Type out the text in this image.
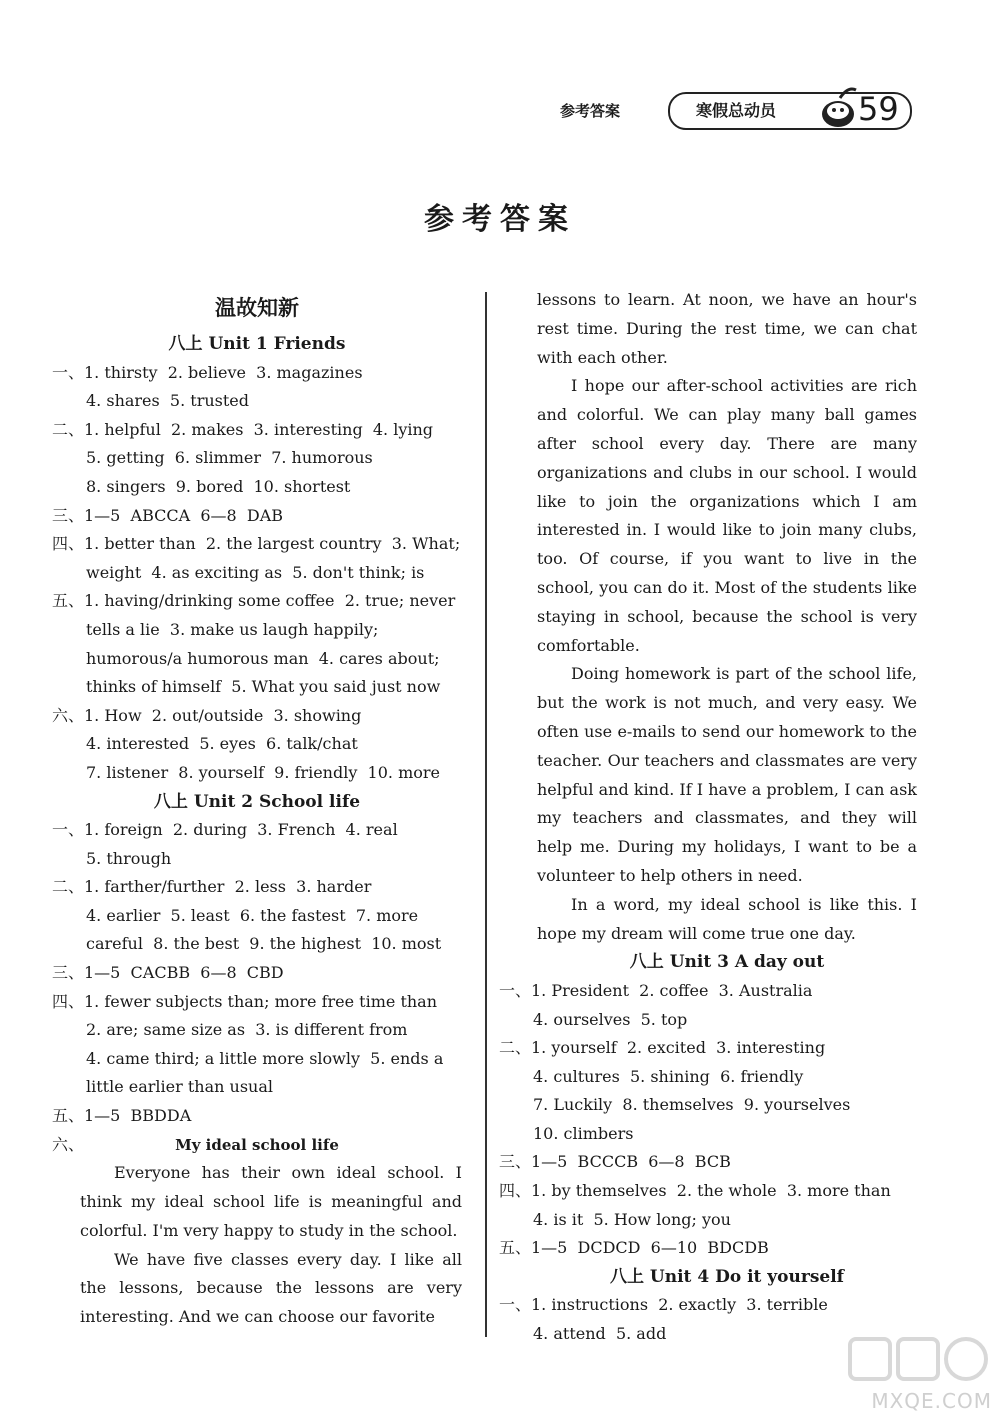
参考答案	寒假总动员	59
参考答案
温故知新
八上 Unit 1 Friends
一、1. thirsty  2. believe  3. magazines
4. shares  5. trusted
二、1. helpful  2. makes  3. interesting  4. lying
5. getting  6. slimmer  7. humorous
8. singers  9. bored  10. shortest
三、1—5  ABCCA  6—8  DAB
四、1. better than  2. the largest country  3. What;
weight  4. as exciting as  5. don't think; is
五、1. having/drinking some coffee  2. true; never
tells a lie  3. make us laugh happily;
humorous/a humorous man  4. cares about;
thinks of himself  5. What you said just now
六、1. How  2. out/outside  3. showing
4. interested  5. eyes  6. talk/chat
7. listener  8. yourself  9. friendly  10. more
八上 Unit 2 School life
一、1. foreign  2. during  3. French  4. real
5. through
二、1. farther/further  2. less  3. harder
4. earlier  5. least  6. the fastest  7. more
careful  8. the best  9. the highest  10. most
三、1—5  CACBB  6—8  CBD
四、1. fewer subjects than; more free time than
2. are; same size as  3. is different from
4. came third; a little more slowly  5. ends a
little earlier than usual
五、1—5  BBDDA
六、	My ideal school life
Everyone has their own ideal school. I think my ideal school life is meaningful and colorful. I'm very happy to study in the school.
We have five classes every day. I like all the lessons, because the lessons are very interesting. And we can choose our favorite
lessons to learn. At noon, we have an hour's rest time. During the rest time, we can chat with each other.
I hope our after-school activities are rich and colorful. We can play many ball games after school every day. There are many organizations and clubs in our school. I would like to join the organizations which I am interested in. I would like to join many clubs, too. Of course, if you want to live in the school, you can do it. Most of the students like staying in school, because the school is very comfortable.
Doing homework is part of the school life, but the work is not much, and very easy. We often use e-mails to send our homework to the teacher. Our teachers and classmates are very helpful and kind. If I have a problem, I can ask my teachers and classmates, and they will help me. During my holidays, I want to be a volunteer to help others in need.
In a word, my ideal school is like this. I hope my dream will come true one day.
八上 Unit 3 A day out
一、1. President  2. coffee  3. Australia
4. ourselves  5. top
二、1. yourself  2. excited  3. interesting
4. cultures  5. shining  6. friendly
7. Luckily  8. themselves  9. yourselves
10. climbers
三、1—5  BCCCB  6—8  BCB
四、1. by themselves  2. the whole  3. more than
4. is it  5. How long; you
五、1—5  DCDCD  6—10  BDCDB
八上 Unit 4 Do it yourself
一、1. instructions  2. exactly  3. terrible
4. attend  5. add
MXQE.COM
